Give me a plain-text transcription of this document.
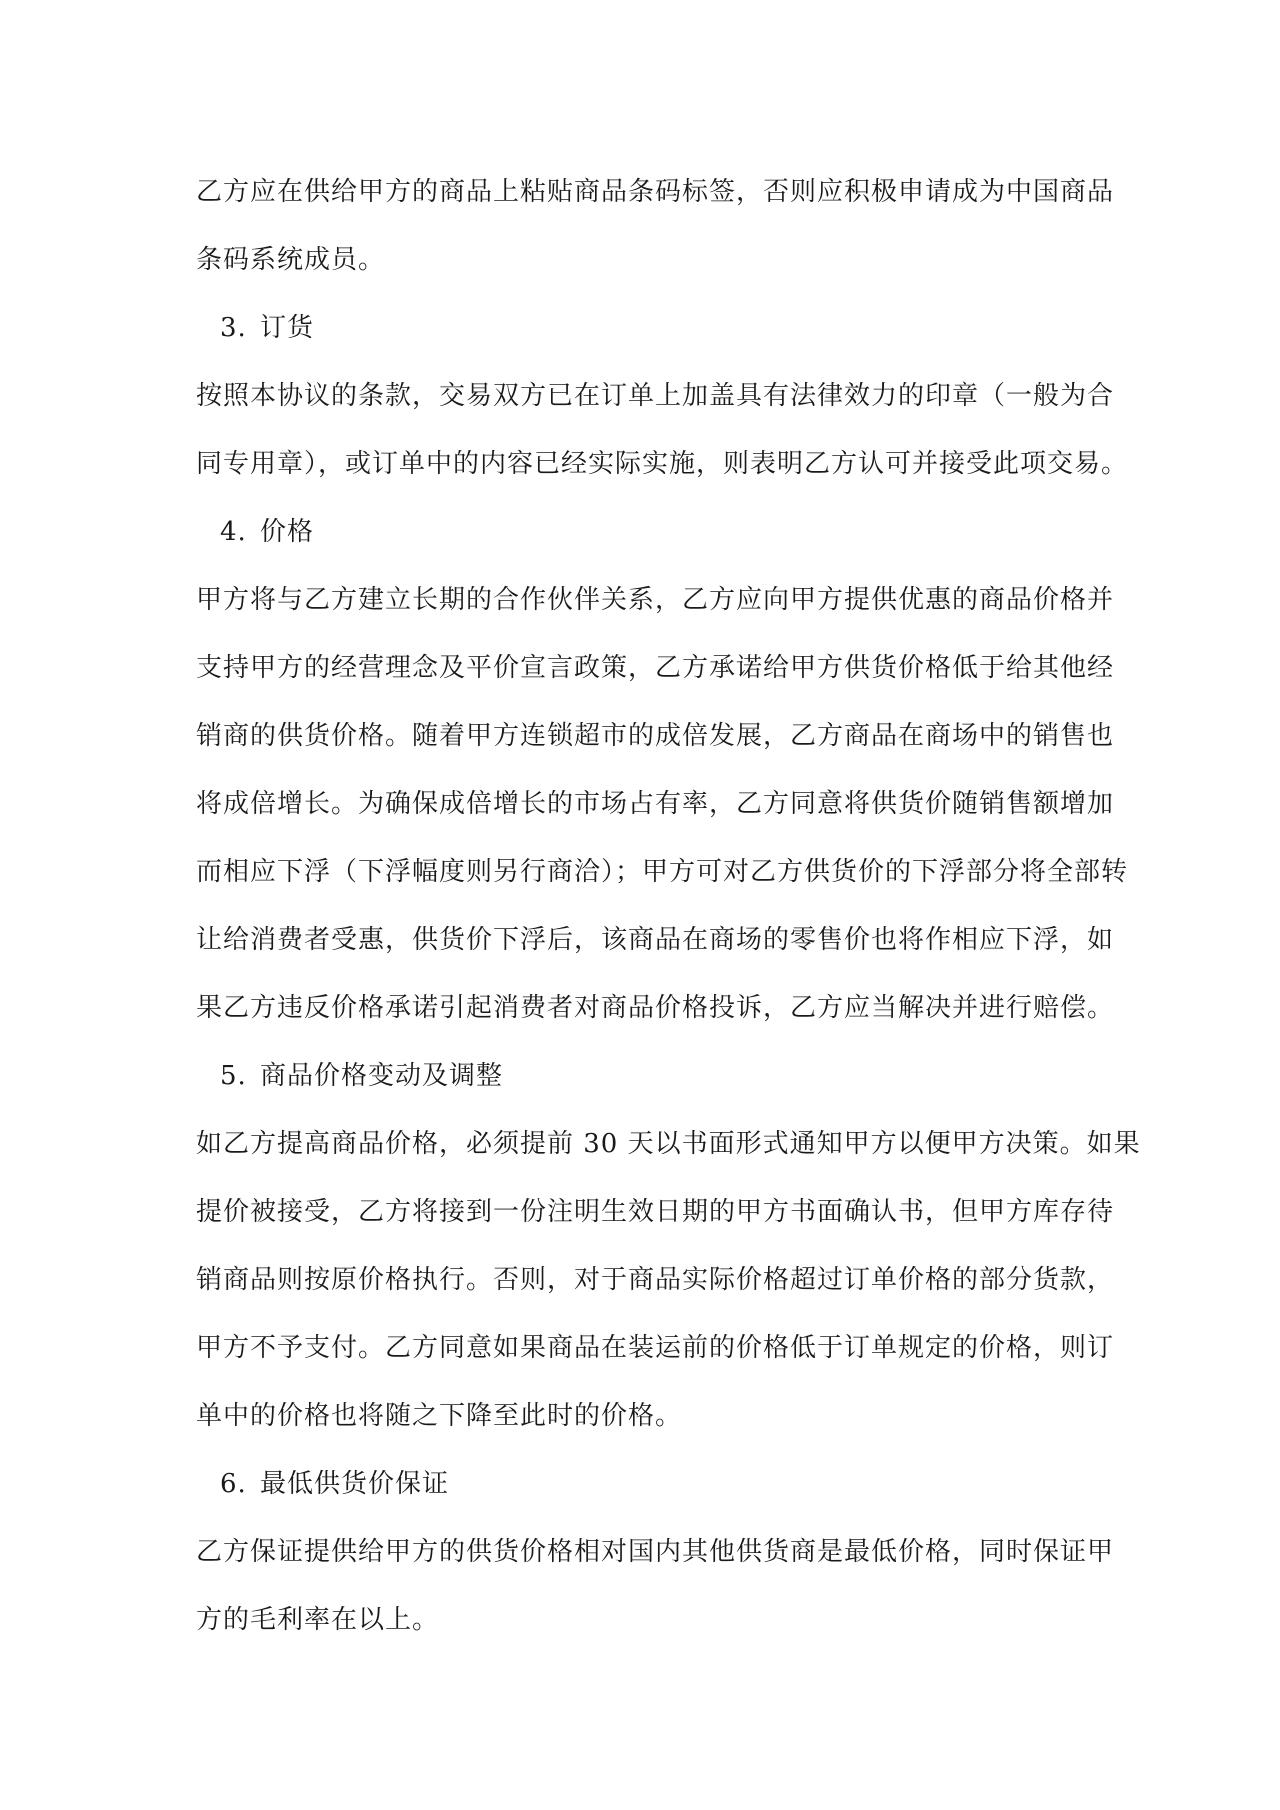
乙方应在供给甲方的商品上粘贴商品条码标签，否则应积极申请成为中国商品
条码系统成员。
3. 订货
按照本协议的条款，交易双方已在订单上加盖具有法律效力的印章（一般为合
同专用章），或订单中的内容已经实际实施，则表明乙方认可并接受此项交易。
4. 价格
甲方将与乙方建立长期的合作伙伴关系，乙方应向甲方提供优惠的商品价格并
支持甲方的经营理念及平价宣言政策，乙方承诺给甲方供货价格低于给其他经
销商的供货价格。随着甲方连锁超市的成倍发展，乙方商品在商场中的销售也
将成倍增长。为确保成倍增长的市场占有率，乙方同意将供货价随销售额增加
而相应下浮（下浮幅度则另行商洽）；甲方可对乙方供货价的下浮部分将全部转
让给消费者受惠，供货价下浮后，该商品在商场的零售价也将作相应下浮，如
果乙方违反价格承诺引起消费者对商品价格投诉，乙方应当解决并进行赔偿。
5. 商品价格变动及调整
如乙方提高商品价格，必须提前 30 天以书面形式通知甲方以便甲方决策。如果
提价被接受，乙方将接到一份注明生效日期的甲方书面确认书，但甲方库存待
销商品则按原价格执行。否则，对于商品实际价格超过订单价格的部分货款，
甲方不予支付。乙方同意如果商品在装运前的价格低于订单规定的价格，则订
单中的价格也将随之下降至此时的价格。
6. 最低供货价保证
乙方保证提供给甲方的供货价格相对国内其他供货商是最低价格，同时保证甲
方的毛利率在以上。
